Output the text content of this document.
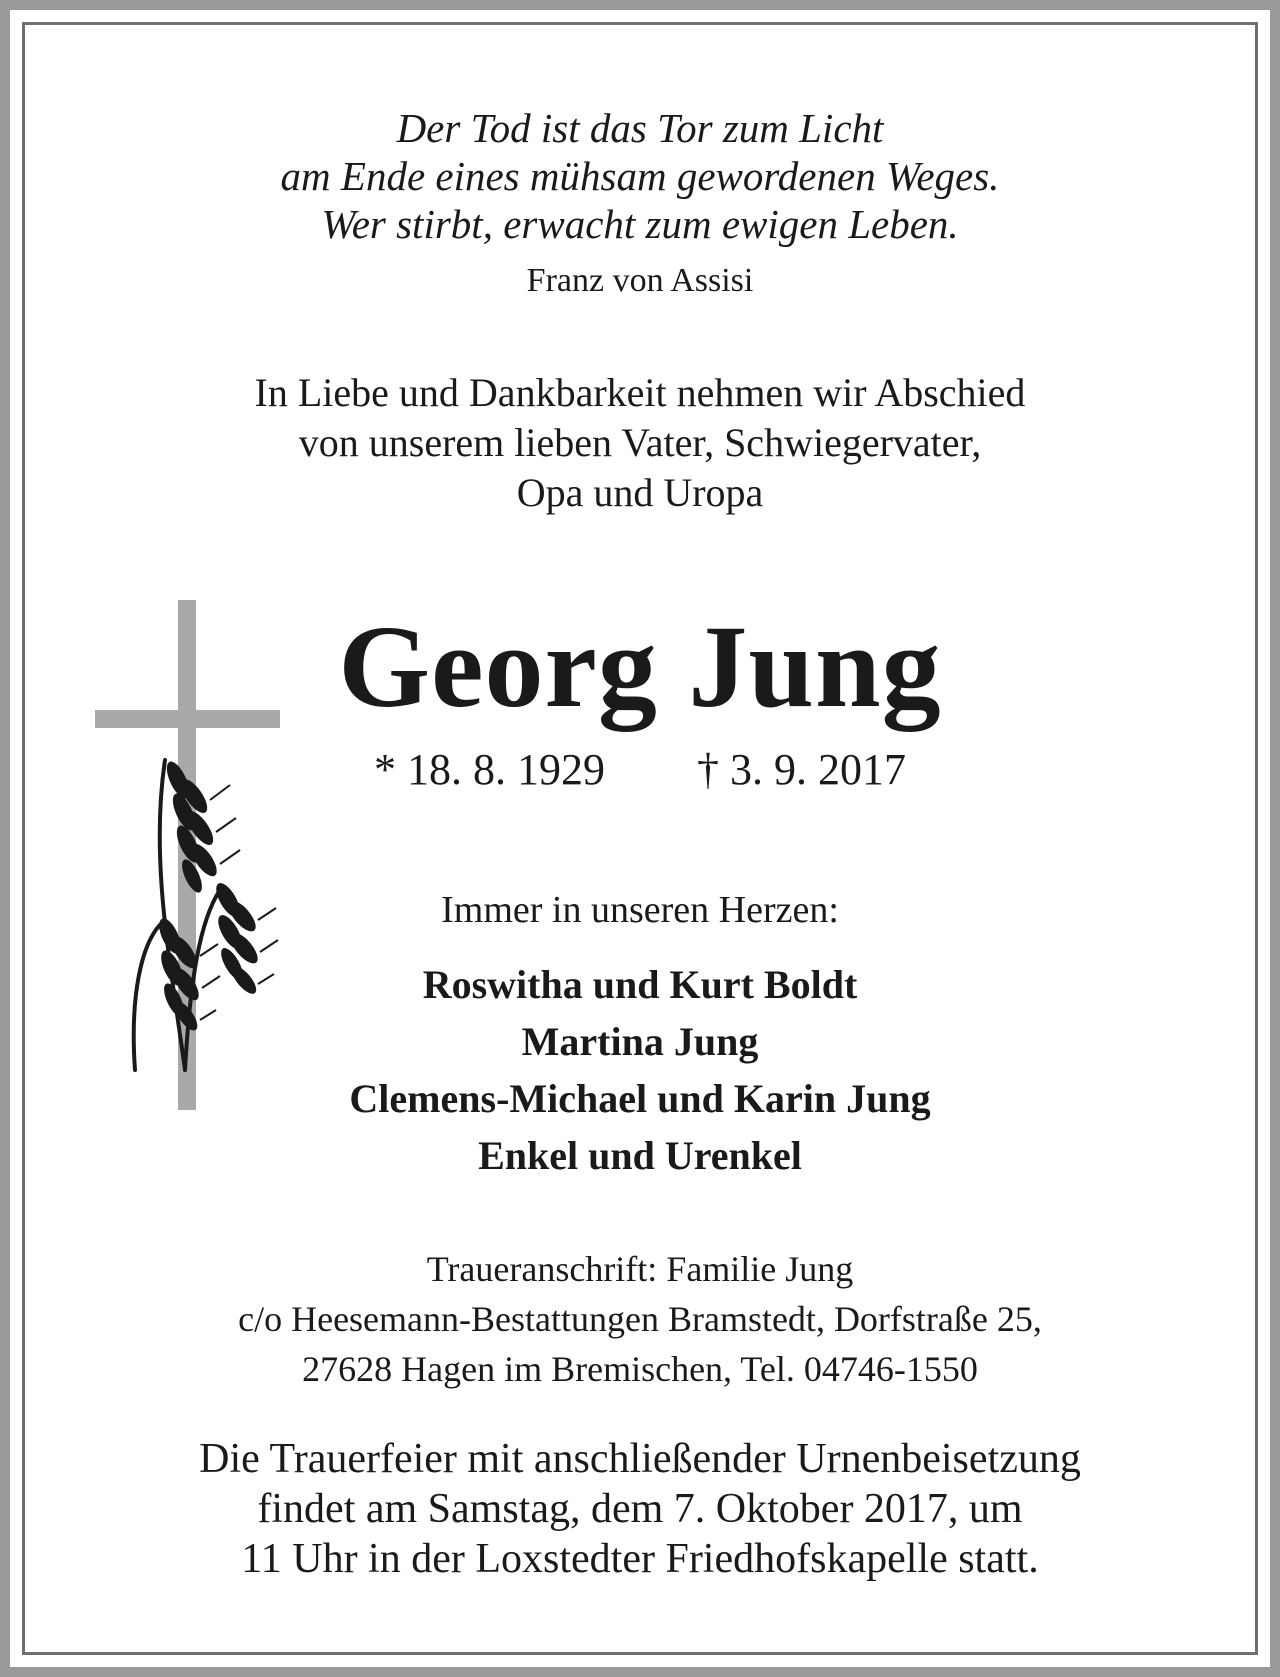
Der Tod ist das Tor zum Licht
am Ende eines mühsam gewordenen Weges.
Wer stirbt, erwacht zum ewigen Leben.
Franz von Assisi
In Liebe und Dankbarkeit nehmen wir Abschied
von unserem lieben Vater, Schwiegervater,
Opa und Uropa
Georg Jung
* 18. 8. 1929 † 3. 9. 2017
Immer in unseren Herzen:
Roswitha und Kurt Boldt
Martina Jung
Clemens-Michael und Karin Jung
Enkel und Urenkel
Traueranschrift: Familie Jung
c/o Heesemann-Bestattungen Bramstedt, Dorfstraße 25,
27628 Hagen im Bremischen, Tel. 04746-1550
Die Trauerfeier mit anschließender Urnenbeisetzung
findet am Samstag, dem 7. Oktober 2017, um
11 Uhr in der Loxstedter Friedhofskapelle statt.
